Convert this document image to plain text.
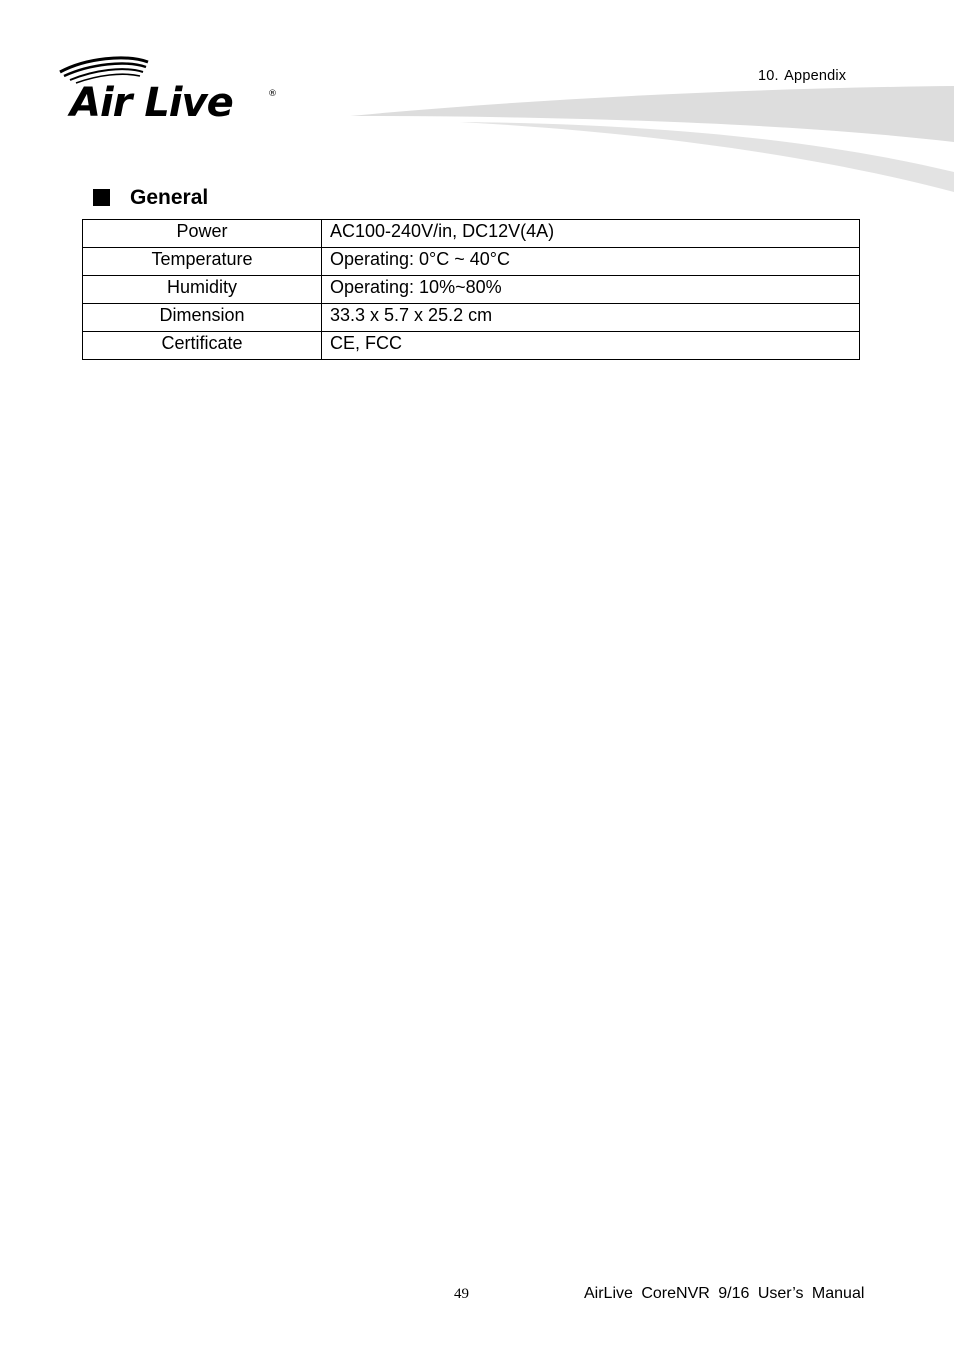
Air Live	®
10. Appendix
General
Power	AC100-240V/in, DC12V(4A)
Temperature	Operating: 0°C ~ 40°C
Humidity	Operating: 10%~80%
Dimension	33.3 x 5.7 x 25.2 cm
Certificate	CE, FCC
49	AirLive CoreNVR 9/16 User’s Manual
